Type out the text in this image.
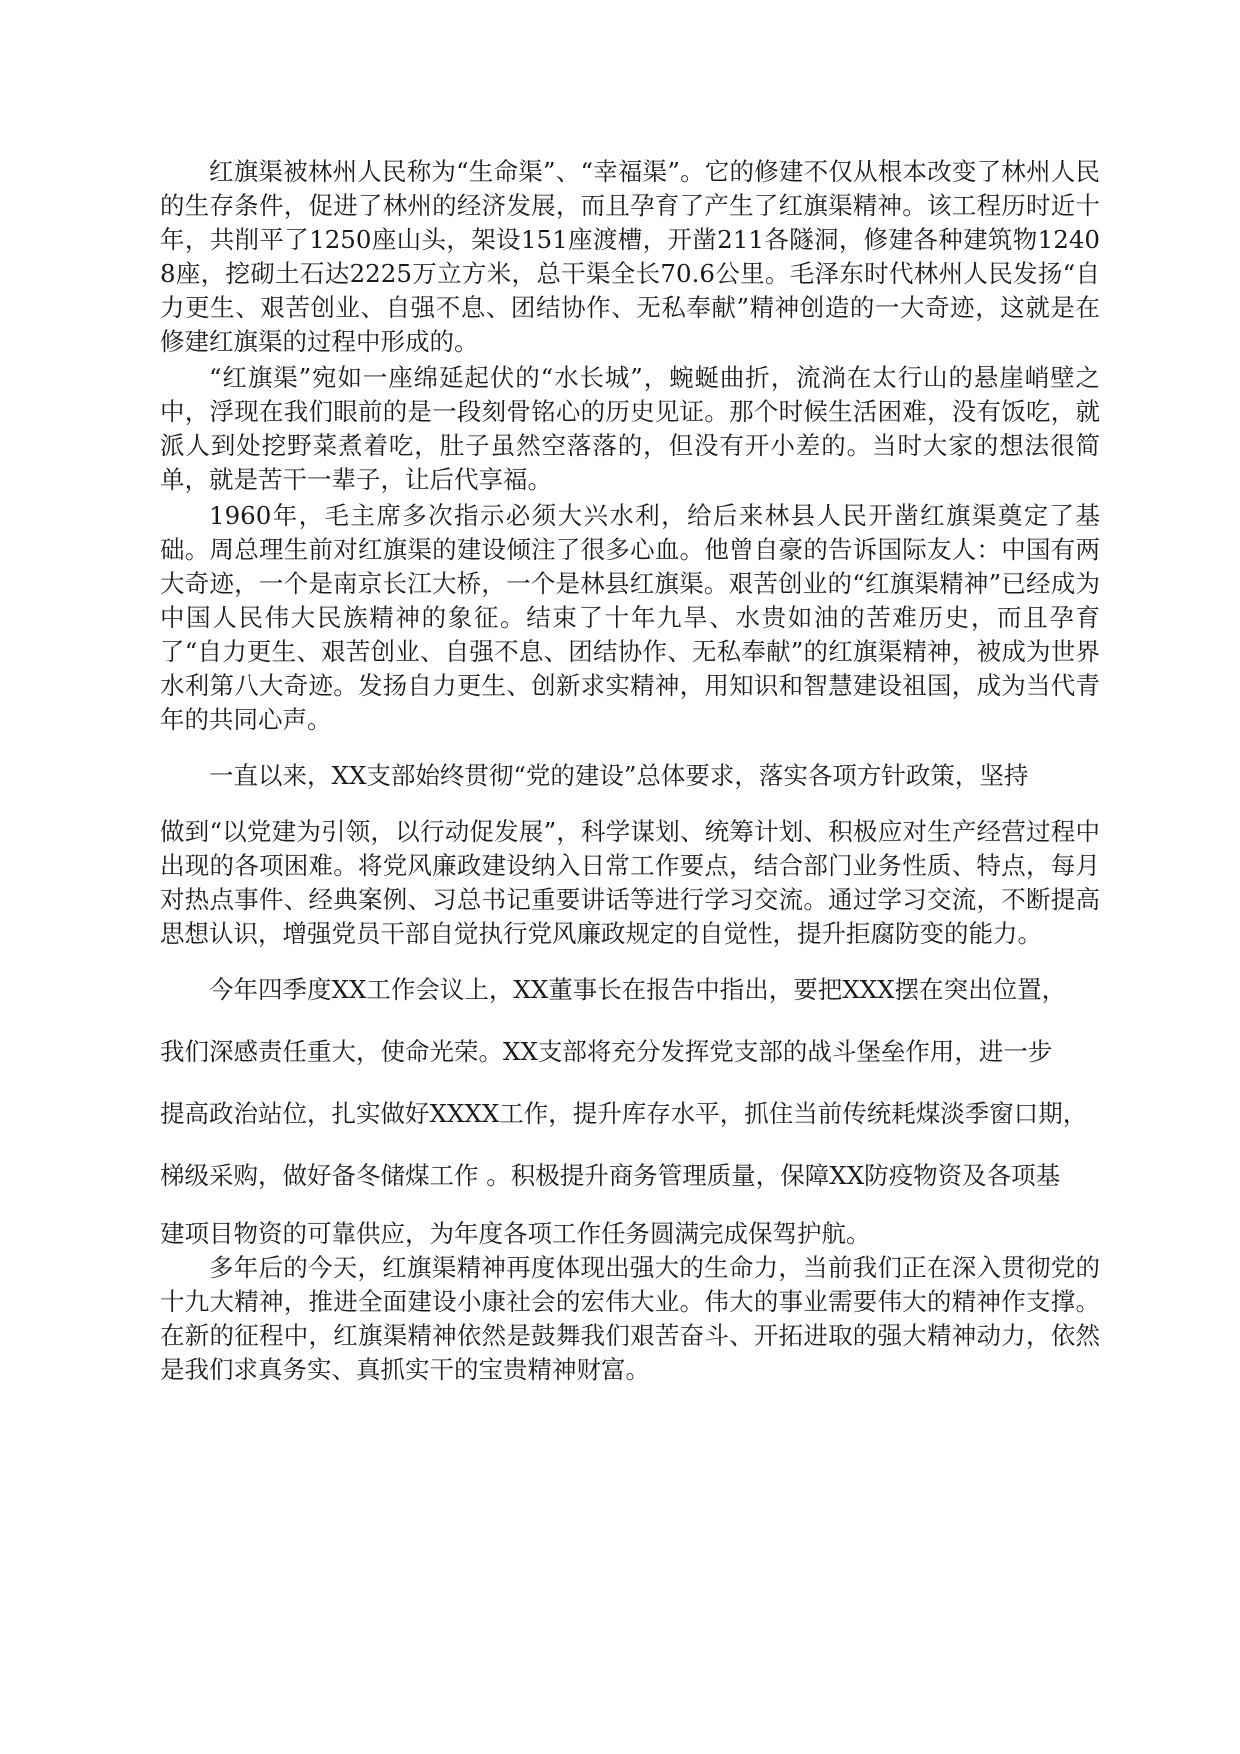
红旗渠被林州人民称为“生命渠”、“幸福渠”。它的修建不仅从根本改变了林州人民的生存条件，促进了林州的经济发展，而且孕育了产生了红旗渠精神。该工程历时近十年，共削平了1250座山头，架设151座渡槽，开凿211各隧洞，修建各种建筑物12408座，挖砌土石达2225万立方米，总干渠全长70.6公里。毛泽东时代林州人民发扬“自力更生、艰苦创业、自强不息、团结协作、无私奉献”精神创造的一大奇迹，这就是在修建红旗渠的过程中形成的。

“红旗渠”宛如一座绵延起伏的“水长城”，蜿蜒曲折，流淌在太行山的悬崖峭壁之中，浮现在我们眼前的是一段刻骨铭心的历史见证。那个时候生活困难，没有饭吃，就派人到处挖野菜煮着吃，肚子虽然空落落的，但没有开小差的。当时大家的想法很简单，就是苦干一辈子，让后代享福。

1960年，毛主席多次指示必须大兴水利，给后来林县人民开凿红旗渠奠定了基础。周总理生前对红旗渠的建设倾注了很多心血。他曾自豪的告诉国际友人：中国有两大奇迹，一个是南京长江大桥，一个是林县红旗渠。艰苦创业的“红旗渠精神”已经成为中国人民伟大民族精神的象征。结束了十年九旱、水贵如油的苦难历史，而且孕育了“自力更生、艰苦创业、自强不息、团结协作、无私奉献”的红旗渠精神，被成为世界水利第八大奇迹。发扬自力更生、创新求实精神，用知识和智慧建设祖国，成为当代青年的共同心声。

一直以来，XX支部始终贯彻“党的建设”总体要求，落实各项方针政策，坚持

做到“以党建为引领，以行动促发展”，科学谋划、统筹计划、积极应对生产经营过程中出现的各项困难。将党风廉政建设纳入日常工作要点，结合部门业务性质、特点，每月对热点事件、经典案例、习总书记重要讲话等进行学习交流。通过学习交流，不断提高思想认识，增强党员干部自觉执行党风廉政规定的自觉性，提升拒腐防变的能力。

今年四季度XX工作会议上，XX董事长在报告中指出，要把XXX摆在突出位置，

我们深感责任重大，使命光荣。XX支部将充分发挥党支部的战斗堡垒作用，进一步

提高政治站位，扎实做好XXXX工作，提升库存水平，抓住当前传统耗煤淡季窗口期，

梯级采购，做好备冬储煤工作 。积极提升商务管理质量，保障XX防疫物资及各项基

建项目物资的可靠供应，为年度各项工作任务圆满完成保驾护航。

多年后的今天，红旗渠精神再度体现出强大的生命力，当前我们正在深入贯彻党的十九大精神，推进全面建设小康社会的宏伟大业。伟大的事业需要伟大的精神作支撑。在新的征程中，红旗渠精神依然是鼓舞我们艰苦奋斗、开拓进取的强大精神动力，依然是我们求真务实、真抓实干的宝贵精神财富。
